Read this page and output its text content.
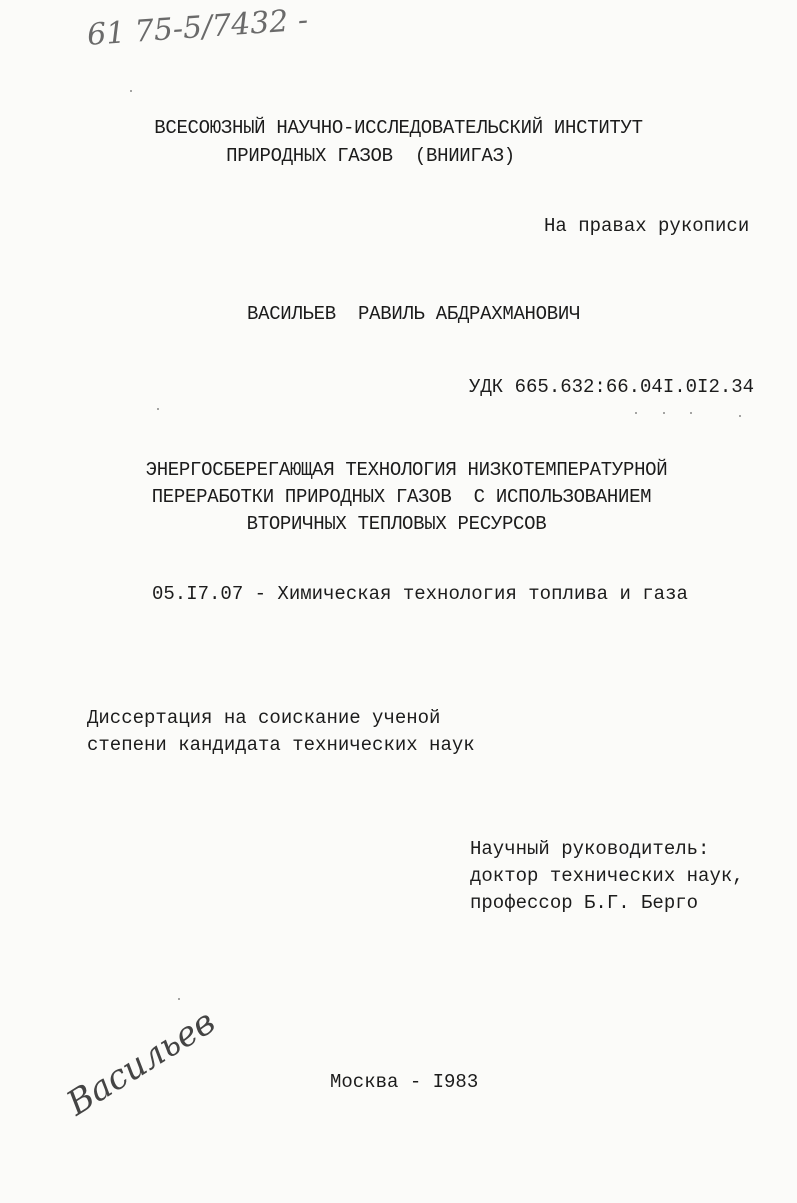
61 75-5/7432 -
ВСЕСОЮЗНЫЙ НАУЧНО-ИССЛЕДОВАТЕЛЬСКИЙ ИНСТИТУТ
ПРИРОДНЫХ ГАЗОВ  (ВНИИГАЗ)
На правах рукописи
ВАСИЛЬЕВ  РАВИЛЬ АБДРАХМАНОВИЧ
УДК 665.632:66.04I.0I2.34
ЭНЕРГОСБЕРЕГАЮЩАЯ ТЕХНОЛОГИЯ НИЗКОТЕМПЕРАТУРНОЙ
ПЕРЕРАБОТКИ ПРИРОДНЫХ ГАЗОВ  С ИСПОЛЬЗОВАНИЕМ
ВТОРИЧНЫХ ТЕПЛОВЫХ РЕСУРСОВ
05.I7.07 - Химическая технология топлива и газа
Диссертация на соискание ученой
степени кандидата технических наук
Научный руководитель:
доктор технических наук,
профессор Б.Г. Берго
Васильев	Москва - I983
